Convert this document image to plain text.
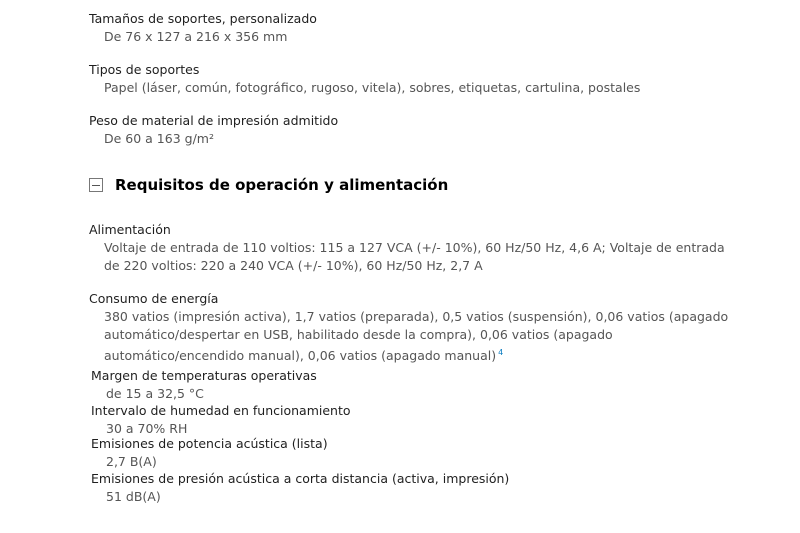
Tamaños de soportes, personalizado
De 76 x 127 a 216 x 356 mm
Tipos de soportes
Papel (láser, común, fotográfico, rugoso, vitela), sobres, etiquetas, cartulina, postales
Peso de material de impresión admitido
De 60 a 163 g/m²
Requisitos de operación y alimentación
Alimentación
Voltaje de entrada de 110 voltios: 115 a 127 VCA (+/- 10%), 60 Hz/50 Hz, 4,6 A; Voltaje de entrada
de 220 voltios: 220 a 240 VCA (+/- 10%), 60 Hz/50 Hz, 2,7 A
Consumo de energía
380 vatios (impresión activa), 1,7 vatios (preparada), 0,5 vatios (suspensión), 0,06 vatios (apagado
automático/despertar en USB, habilitado desde la compra), 0,06 vatios (apagado
automático/encendido manual), 0,06 vatios (apagado manual) $^4$
Margen de temperaturas operativas
de 15 a 32,5 °C
Intervalo de humedad en funcionamiento
30 a 70% RH
Emisiones de potencia acústica (lista)
2,7 B(A)
Emisiones de presión acústica a corta distancia (activa, impresión)
51 dB(A)
